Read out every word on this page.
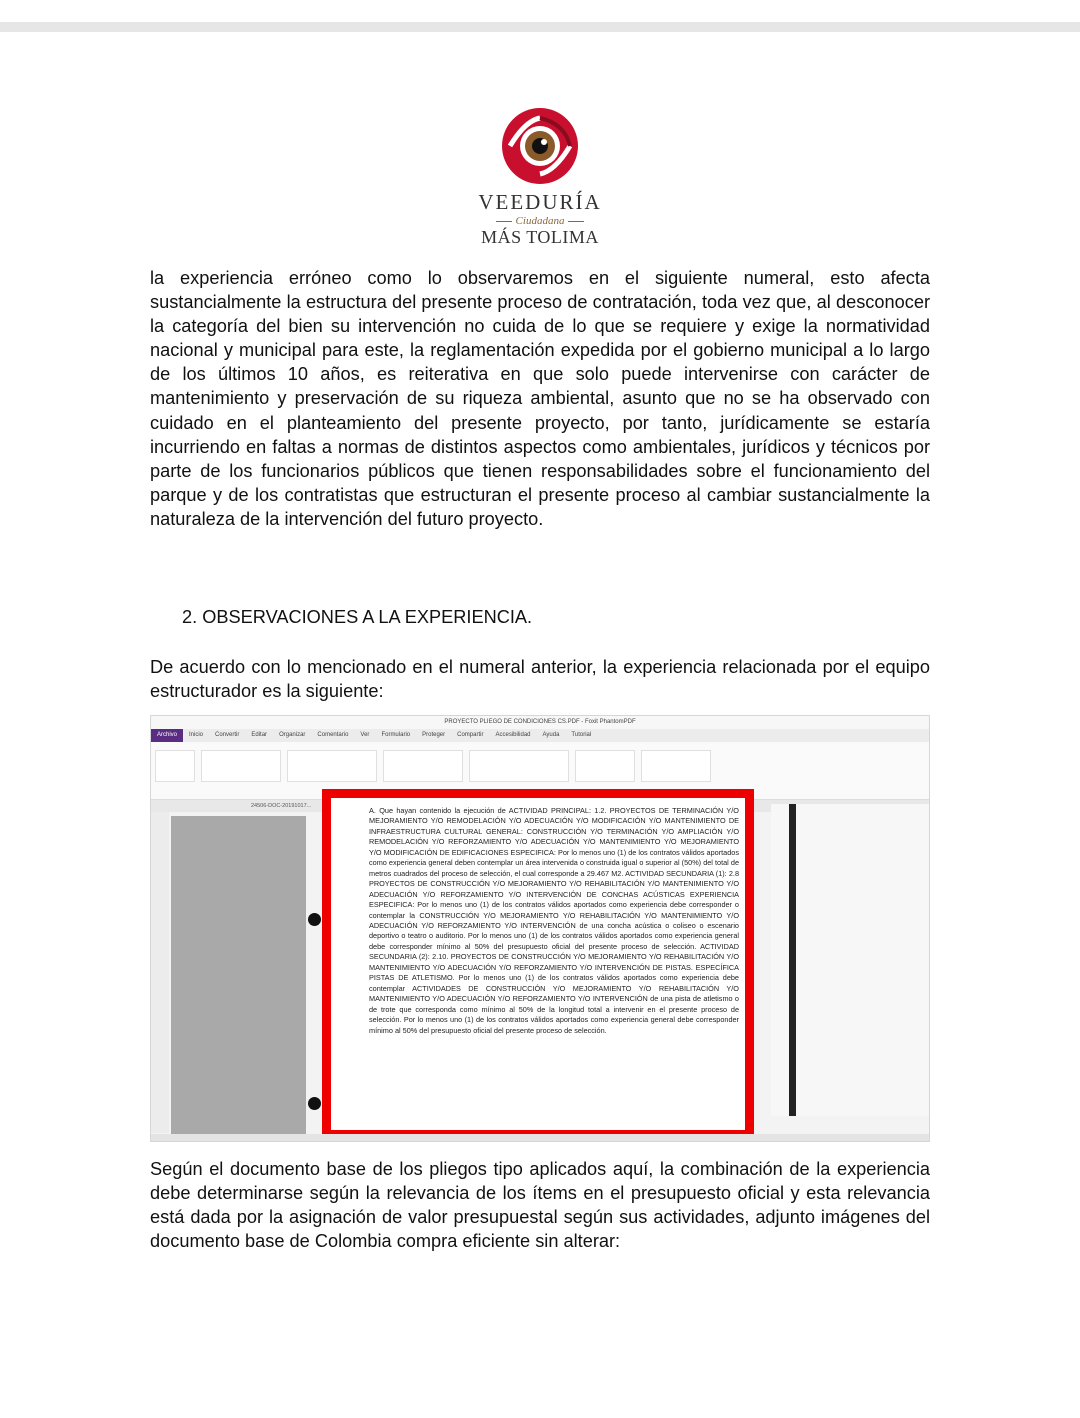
VEEDURÍA
Ciudadana
MÁS TOLIMA

la experiencia erróneo como lo observaremos en el siguiente numeral, esto afecta sustancialmente la estructura del presente proceso de contratación, toda vez que, al desconocer la categoría del bien su intervención no cuida de lo que se requiere y exige la normatividad nacional y municipal para este, la reglamentación expedida por el gobierno municipal a lo largo de los últimos 10 años, es reiterativa en que solo puede intervenirse con carácter de mantenimiento y preservación de su riqueza ambiental, asunto que no se ha observado con cuidado en el planteamiento del presente proyecto, por tanto, jurídicamente se estaría incurriendo en faltas a normas de distintos aspectos como ambientales, jurídicos y técnicos por parte de los funcionarios públicos que tienen responsabilidades sobre el funcionamiento del parque y de los contratistas que estructuran el presente proceso al cambiar sustancialmente la naturaleza de la intervención del futuro proyecto.

2. OBSERVACIONES A LA EXPERIENCIA.

De acuerdo con lo mencionado en el numeral anterior, la experiencia relacionada por el equipo estructurador es la siguiente:

PROYECTO PLIEGO DE CONDICIONES CS.PDF - Foxit PhantomPDF
Archivo	Inicio	Convertir	Editar	Organizar	Comentario	Ver	Formulario	Proteger	Compartir	Accesibilidad	Ayuda	Tutorial
24506-DOC-20191017...	A. Que hayan contenido la ejecución de ACTIVIDAD PRINCIPAL: 1.2. PROYECTOS DE TERMINACIÓN Y/O MEJORAMIENTO Y/O REMODELACIÓN Y/O ADECUACIÓN Y/O MODIFICACIÓN Y/O MANTENIMIENTO DE INFRAESTRUCTURA CULTURAL GENERAL: CONSTRUCCIÓN Y/O TERMINACIÓN Y/O AMPLIACIÓN Y/O REMODELACIÓN Y/O REFORZAMIENTO Y/O ADECUACIÓN Y/O MANTENIMIENTO Y/O MEJORAMIENTO Y/O MODIFICACIÓN DE EDIFICACIONES ESPECIFICA: Por lo menos uno (1) de los contratos válidos aportados como experiencia general deben contemplar un área intervenida o construida igual o superior al (50%) del total de metros cuadrados del proceso de selección, el cual corresponde a 29.467 M2. ACTIVIDAD SECUNDARIA (1): 2.8 PROYECTOS DE CONSTRUCCIÓN Y/O MEJORAMIENTO Y/O REHABILITACIÓN Y/O MANTENIMIENTO Y/O ADECUACIÓN Y/O REFORZAMIENTO Y/O INTERVENCIÓN DE CONCHAS ACÚSTICAS EXPERIENCIA ESPECIFICA: Por lo menos uno (1) de los contratos válidos aportados como experiencia debe corresponder o contemplar la CONSTRUCCIÓN Y/O MEJORAMIENTO Y/O REHABILITACIÓN Y/O MANTENIMIENTO Y/O ADECUACIÓN Y/O REFORZAMIENTO Y/O INTERVENCIÓN de una concha acústica o coliseo o escenario deportivo o teatro o auditorio. Por lo menos uno (1) de los contratos válidos aportados como experiencia general debe corresponder mínimo al 50% del presupuesto oficial del presente proceso de selección. ACTIVIDAD SECUNDARIA (2): 2.10. PROYECTOS DE CONSTRUCCIÓN Y/O MEJORAMIENTO Y/O REHABILITACIÓN Y/O MANTENIMIENTO Y/O ADECUACIÓN Y/O REFORZAMIENTO Y/O INTERVENCIÓN DE PISTAS. ESPECÍFICA PISTAS DE ATLETISMO. Por lo menos uno (1) de los contratos válidos aportados como experiencia debe contemplar ACTIVIDADES DE CONSTRUCCIÓN Y/O MEJORAMIENTO Y/O REHABILITACIÓN Y/O MANTENIMIENTO Y/O ADECUACIÓN Y/O REFORZAMIENTO Y/O INTERVENCIÓN de una pista de atletismo o de trote que corresponda como mínimo al 50% de la longitud total a intervenir en el presente proceso de selección. Por lo menos uno (1) de los contratos válidos aportados como experiencia general debe corresponder mínimo al 50% del presupuesto oficial del presente proceso de selección.

Según el documento base de los pliegos tipo aplicados aquí, la combinación de la experiencia debe determinarse según la relevancia de los ítems en el presupuesto oficial y esta relevancia está dada por la asignación de valor presupuestal según sus actividades, adjunto imágenes del documento base de Colombia compra eficiente sin alterar:
